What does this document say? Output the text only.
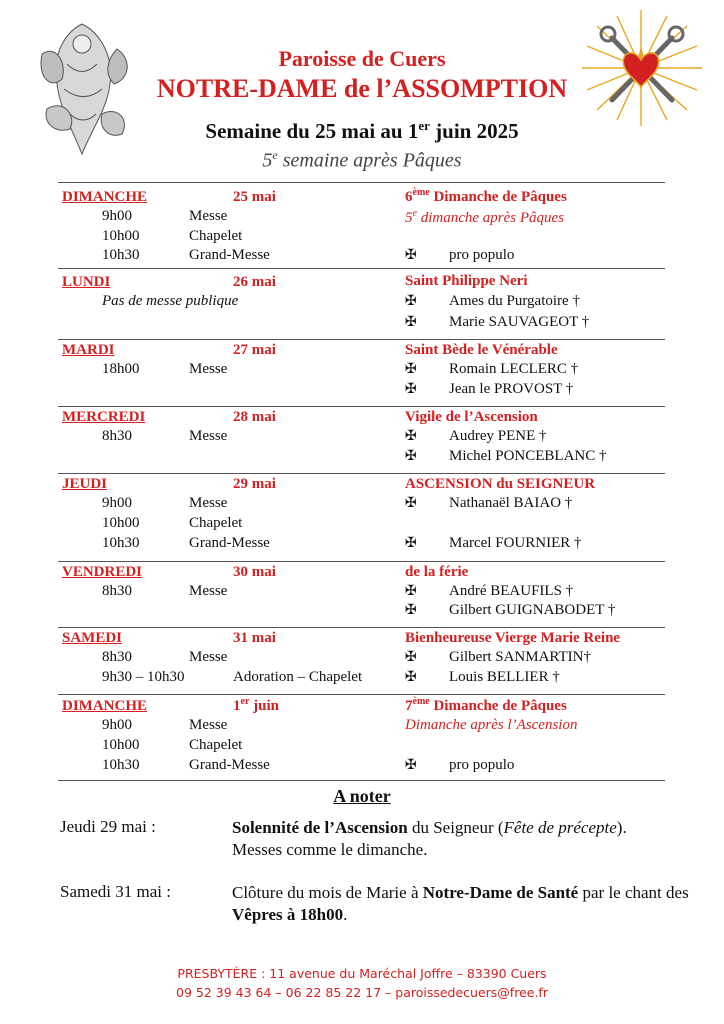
Paroisse de Cuers
NOTRE-DAME de l’ASSOMPTION
Semaine du 25 mai au 1er juin 2025
5e semaine après Pâques
DIMANCHE	25 mai	6ème Dimanche de Pâques
5e dimanche après Pâques
9h00	Messe
10h00	Chapelet
10h30	Grand-Messe	✠ pro populo
LUNDI	26 mai	Saint Philippe Neri
Pas de messe publique	✠ Ames du Purgatoire †
✠ Marie SAUVAGEOT †
MARDI	27 mai	Saint Bède le Vénérable
18h00	Messe	✠ Romain LECLERC †
✠ Jean le PROVOST †
MERCREDI	28 mai	Vigile de l’Ascension
8h30	Messe	✠ Audrey PENE †
✠ Michel PONCEBLANC †
JEUDI	29 mai	ASCENSION du SEIGNEUR
9h00	Messe	✠ Nathanaël BAIAO †
10h00	Chapelet
10h30	Grand-Messe	✠ Marcel FOURNIER †
VENDREDI	30 mai	de la férie
8h30	Messe	✠ André BEAUFILS †
✠ Gilbert GUIGNABODET †
SAMEDI	31 mai	Bienheureuse Vierge Marie Reine
8h30	Messe	✠ Gilbert SANMARTIN†
9h30 – 10h30	Adoration – Chapelet	✠ Louis BELLIER †
DIMANCHE	1er juin	7ème Dimanche de Pâques
Dimanche après l’Ascension
9h00	Messe
10h00	Chapelet
10h30	Grand-Messe	✠ pro populo
A noter
Jeudi 29 mai :	Solennité de l’Ascension du Seigneur (Fête de précepte).
Messes comme le dimanche.
Samedi 31 mai :	Clôture du mois de Marie à Notre-Dame de Santé par le chant des Vêpres à 18h00.
PRESBYTÈRE : 11 avenue du Maréchal Joffre – 83390 Cuers
09 52 39 43 64 – 06 22 85 22 17 – paroissedecuers@free.fr
